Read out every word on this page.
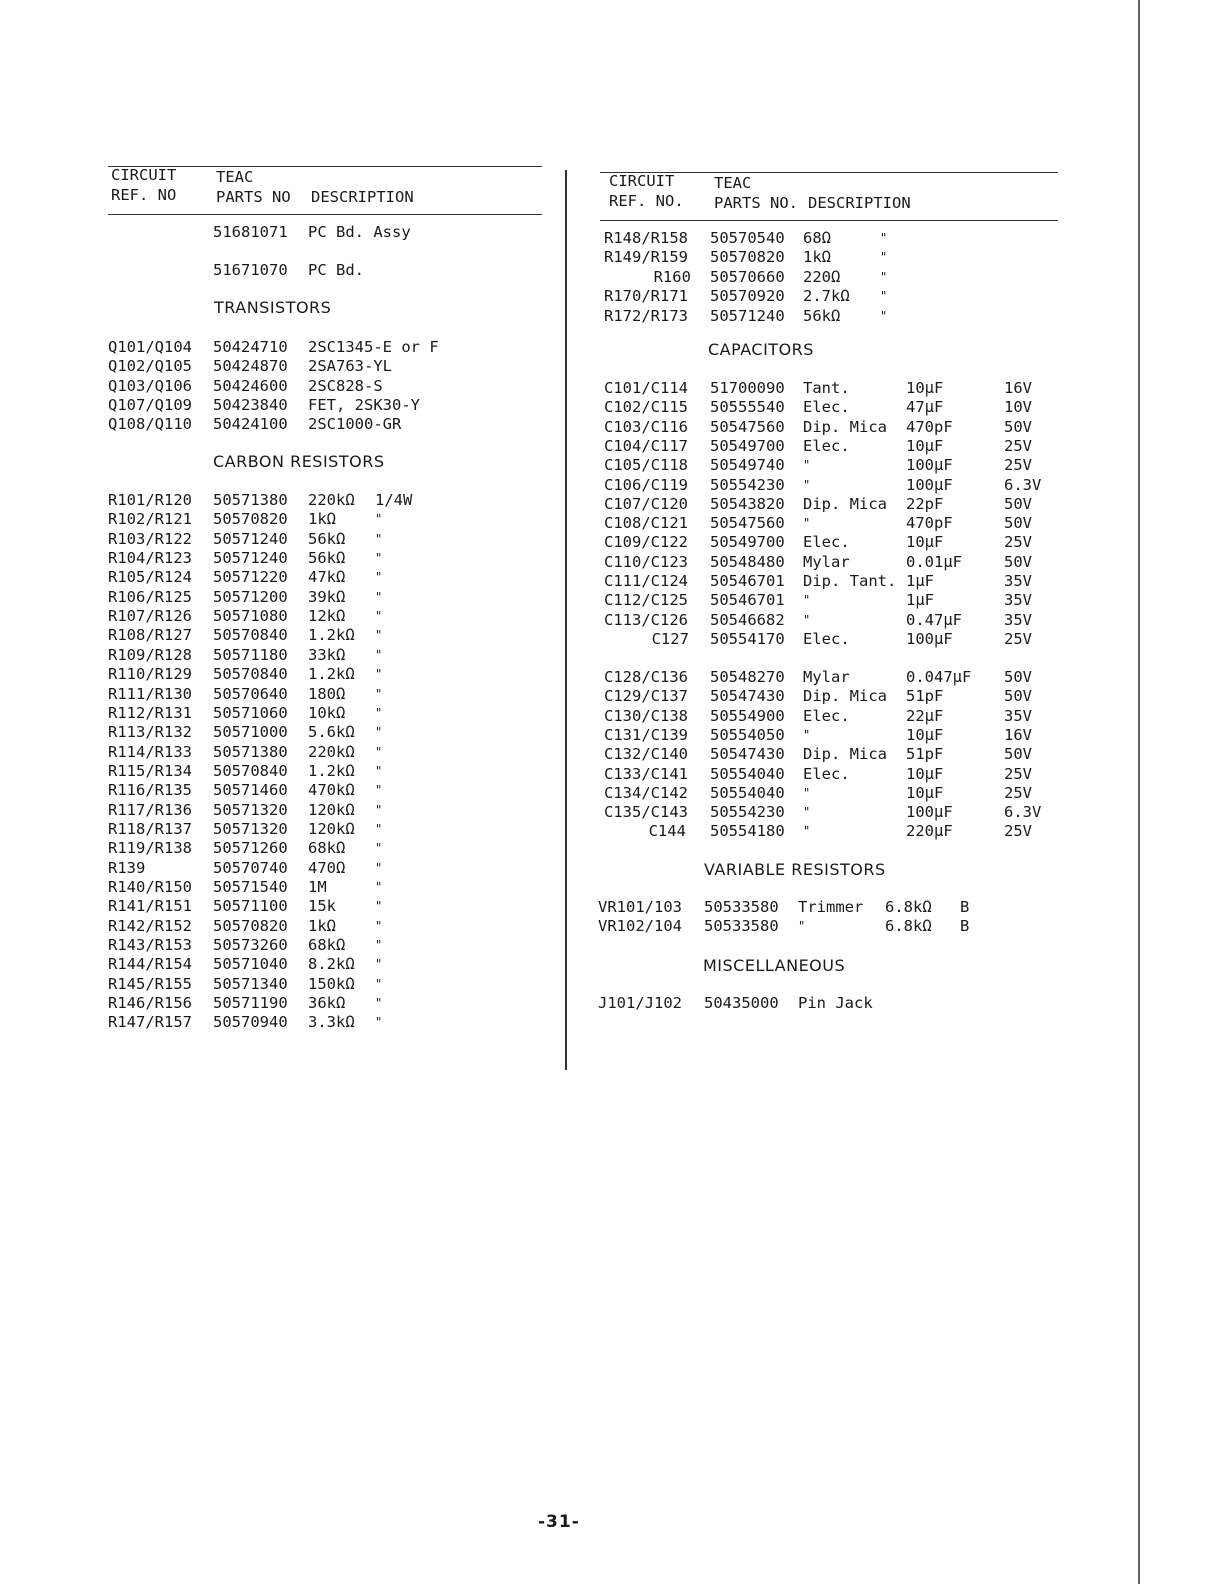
CIRCUIT
REF. NO
TEAC
PARTS NO DESCRIPTION
51681071 PC Bd. Assy
51671070 PC Bd.
TRANSISTORS
Q101/Q104 50424710 2SC1345-E or F
Q102/Q105 50424870 2SA763-YL
Q103/Q106 50424600 2SC828-S
Q107/Q109 50423840 FET, 2SK30-Y
Q108/Q110 50424100 2SC1000-GR
CARBON RESISTORS
R101/R120 50571380 220kΩ 1/4W
R102/R121 50570820 1kΩ	"
R103/R122 50571240 56kΩ "
R104/R123 50571240 56kΩ "
R105/R124 50571220 47kΩ "
R106/R125 50571200 39kΩ "
R107/R126 50571080 12kΩ "
R108/R127 50570840 1.2kΩ "
R109/R128 50571180 33kΩ "
R110/R129 50570840 1.2kΩ "
R111/R130 50570640 180Ω "
R112/R131 50571060 10kΩ "
R113/R132 50571000 5.6kΩ "
R114/R133 50571380 220kΩ "
R115/R134 50570840 1.2kΩ "
R116/R135 50571460 470kΩ "
R117/R136 50571320 120kΩ "
R118/R137 50571320 120kΩ "
R119/R138 50571260 68kΩ "
R139	50570740 470Ω "
R140/R150 50571540 1M	"
R141/R151 50571100 15k	"
R142/R152 50570820 1kΩ	"
R143/R153 50573260 68kΩ "
R144/R154 50571040 8.2kΩ "
R145/R155 50571340 150kΩ "
R146/R156 50571190 36kΩ "
R147/R157 50570940 3.3kΩ "
CIRCUIT
REF. NO.
TEAC
PARTS NO. DESCRIPTION
R148/R158 50570540 68Ω	"
R149/R159 50570820 1kΩ	"
R160 50570660 220Ω	"
R170/R171 50570920 2.7kΩ	"
R172/R173 50571240 56kΩ	"
CAPACITORS
C101/C114 51700090 Tant.	10μF	16V
C102/C115 50555540 Elec.	47μF	10V
C103/C116 50547560 Dip. Mica 470pF	50V
C104/C117 50549700 Elec.	10μF	25V
C105/C118 50549740 "	100μF	25V
C106/C119 50554230 "	100μF	6.3V
C107/C120 50543820 Dip. Mica 22pF	50V
C108/C121 50547560 "	470pF	50V
C109/C122 50549700 Elec.	10μF	25V
C110/C123 50548480 Mylar	0.01μF	50V
C111/C124 50546701 Dip. Tant. 1μF	35V
C112/C125 50546701 "	1μF	35V
C113/C126 50546682 "	0.47μF	35V
C127 50554170 Elec.	100μF	25V
C128/C136 50548270 Mylar	0.047μF 50V
C129/C137 50547430 Dip. Mica 51pF	50V
C130/C138 50554900 Elec.	22μF	35V
C131/C139 50554050 "	10μF	16V
C132/C140 50547430 Dip. Mica 51pF	50V
C133/C141 50554040 Elec.	10μF	25V
C134/C142 50554040 "	10μF	25V
C135/C143 50554230 "	100μF	6.3V
C144 50554180 "	220μF	25V
VARIABLE RESISTORS
VR101/103 50533580 Trimmer 6.8kΩ B
VR102/104 50533580 "	6.8kΩ B
MISCELLANEOUS
J101/J102 50435000 Pin Jack
-31-
